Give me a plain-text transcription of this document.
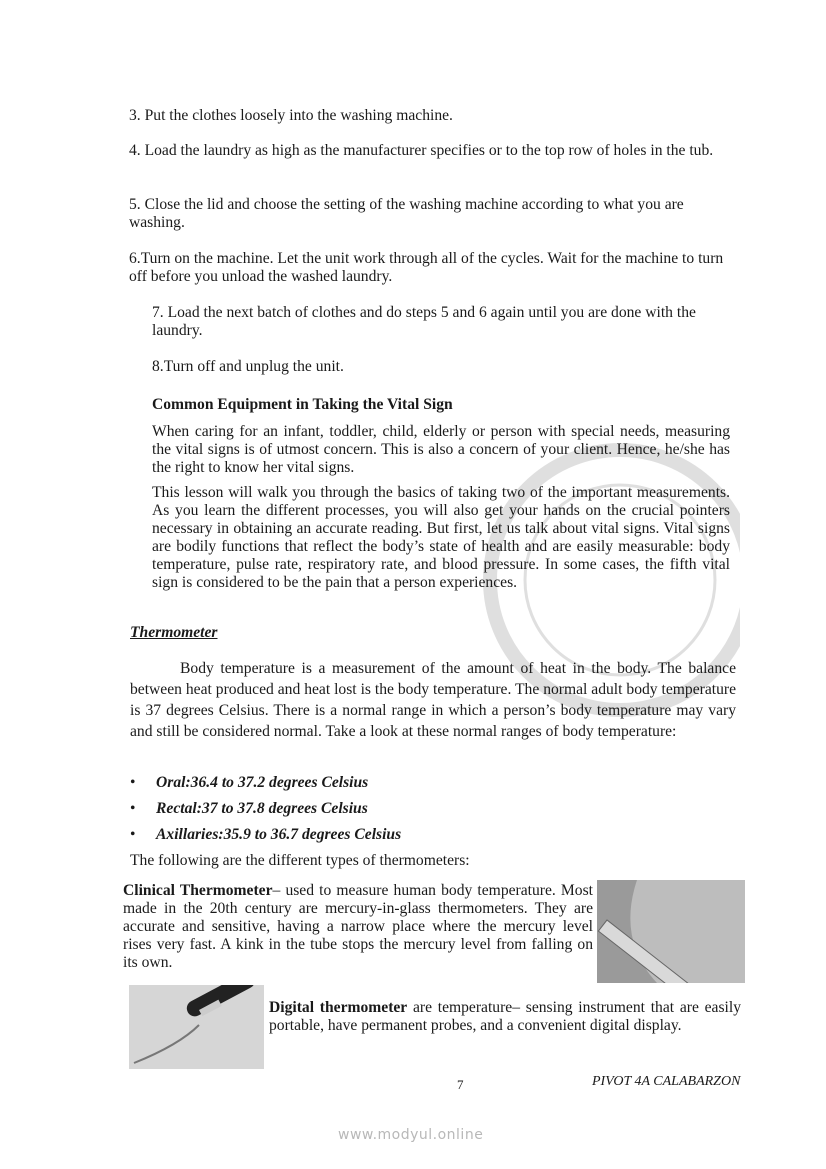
3. Put the clothes loosely into the washing machine.
4. Load the laundry as high as the manufacturer specifies or to the top row of holes in the tub.
5. Close the lid and choose the setting of the washing machine according to what you are washing.
6.Turn on the machine. Let the unit work through all of the cycles. Wait for the machine to turn off before you unload the washed laundry.
7. Load the next batch of clothes and do steps 5 and 6 again until you are done with the laundry.
8.Turn off and unplug the unit.
Common Equipment in Taking the Vital Sign
When caring for an infant, toddler, child, elderly or person with special needs, measuring the vital signs is of utmost concern. This is also a concern of your client. Hence, he/she has the right to know her vital signs.
This lesson will walk you through the basics of taking two of the important measurements. As you learn the different processes, you will also get your hands on the crucial pointers necessary in obtaining an accurate reading. But first, let us talk about vital signs. Vital signs are bodily functions that reflect the body’s state of health and are easily measurable: body temperature, pulse rate, respiratory rate, and blood pressure. In some cases, the fifth vital sign is considered to be the pain that a person experiences.
Thermometer
Body temperature is a measurement of the amount of heat in the body. The balance between heat produced and heat lost is the body temperature. The normal adult body temperature is 37 degrees Celsius. There is a normal range in which a person’s body temperature may vary and still be considered normal. Take a look at these normal ranges of body temperature:
• Oral:36.4 to 37.2 degrees Celsius
• Rectal:37 to 37.8 degrees Celsius
• Axillaries:35.9 to 36.7 degrees Celsius
The following are the different types of thermometers:
Clinical Thermometer– used to measure human body temperature. Most made in the 20th century are mercury-in-glass thermometers. They are accurate and sensitive, having a narrow place where the mercury level rises very fast. A kink in the tube stops the mercury level from falling on its own.
Digital thermometer are temperature– sensing instrument that are easily portable, have permanent probes, and a convenient digital display.
7	PIVOT 4A CALABARZON
www.modyul.online
